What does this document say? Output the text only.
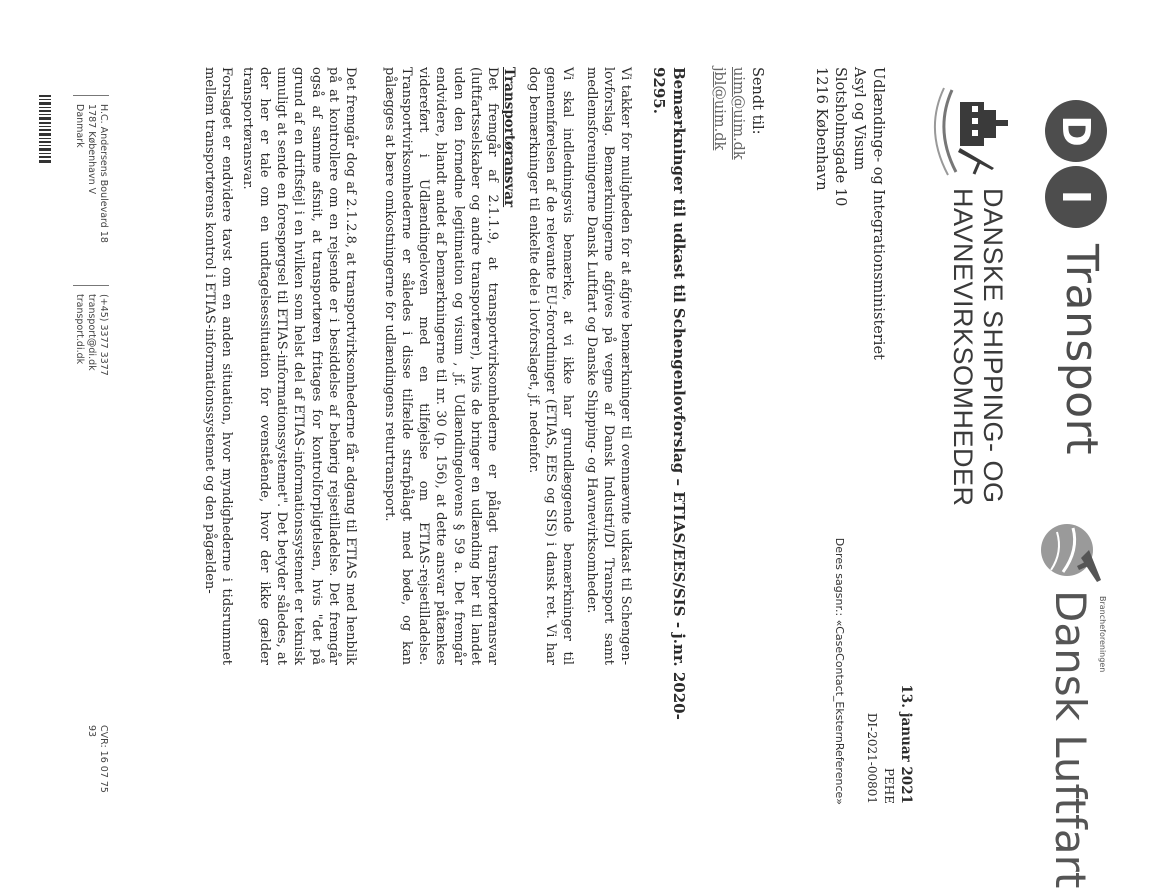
D
I
Transport
DANSKE SHIPPING- OG
HAVNEVIRKSOMHEDER
Brancheforeningen
Dansk Luftfart
Udlændinge- og Integrationsministeriet
Asyl og Visum
Slotsholmsgade 10
1216 København
13. januar 2021
PEHE
DI-2021-00801
Deres sagsnr.: «CaseContact_EksternReference»
Sendt til:
uim@uim.dk
jbl@uim.dk
Bemærkninger til udkast til Schengenlovforslag – ETIAS/EES/SIS - j.nr. 2020-9295.
Vi takker for muligheden for at afgive bemærkninger til ovennævnte udkast til Schengen-lovforslag. Bemærkningerne afgives på vegne af Dansk Industri/DI Transport samt medlemsforeningerne Dansk Luftfart og Danske Shipping- og Havnevirksomheder.
Vi skal indledningsvis bemærke, at vi ikke har grundlæggende bemærkninger til gennemførelsen af de relevante EU-forordninger (ETIAS, EES og SIS) i dansk ret. Vi har dog bemærkninger til enkelte dele i lovforslaget, jf. nedenfor.
Transportøransvar
Det fremgår af 2.1.1.9, at transportvirksomhederne er pålagt transportøransvar (luftfartsselskaber og andre transportører), hvis de bringer en udlænding her til landet uden den fornødne legitimation og visum , jf. Udlændingelovens § 59 a. Det fremgår endvidere, blandt andet af bemærkningerne til nr. 30 (p. 156), at dette ansvar påtænkes videreført i Udlændingeloven med en tilføjelse om ETIAS-rejsetilladelse. Transportvirksomhederne er således i disse tilfælde strafpålagt med bøde, og kan pålægges at bære omkostningerne for udlændingens returtransport.
Det fremgår dog af 2.1.2.8, at transportvirksomhederne får adgang til ETIAS med henblik på at kontrollere om en rejsende er i besiddelse af behørig rejsetilladelse. Det fremgår også af samme afsnit, at transportøren fritages for kontrolforpligtelsen, hvis "det på grund af en driftsfejl i en hvilken som helst del af ETIAS-informationssystemet er teknisk umuligt at sende en forespørgsel til ETIAS-informationssystemet". Det betyder således, at der her er tale om en undtagelsessituation for ovenstående, hvor der ikke gælder transportøransvar.
Forslaget er endvidere tavst om en anden situation, hvor myndighederne i tidsrummet mellem transportørens kontrol i ETIAS-informationssystemet og den pågælden-
H.C. Andersens Boulevard 18
1787 København V
Danmark
(+45) 3377 3377
transport@di.dk
transport.di.dk
CVR: 16 07 75 93
